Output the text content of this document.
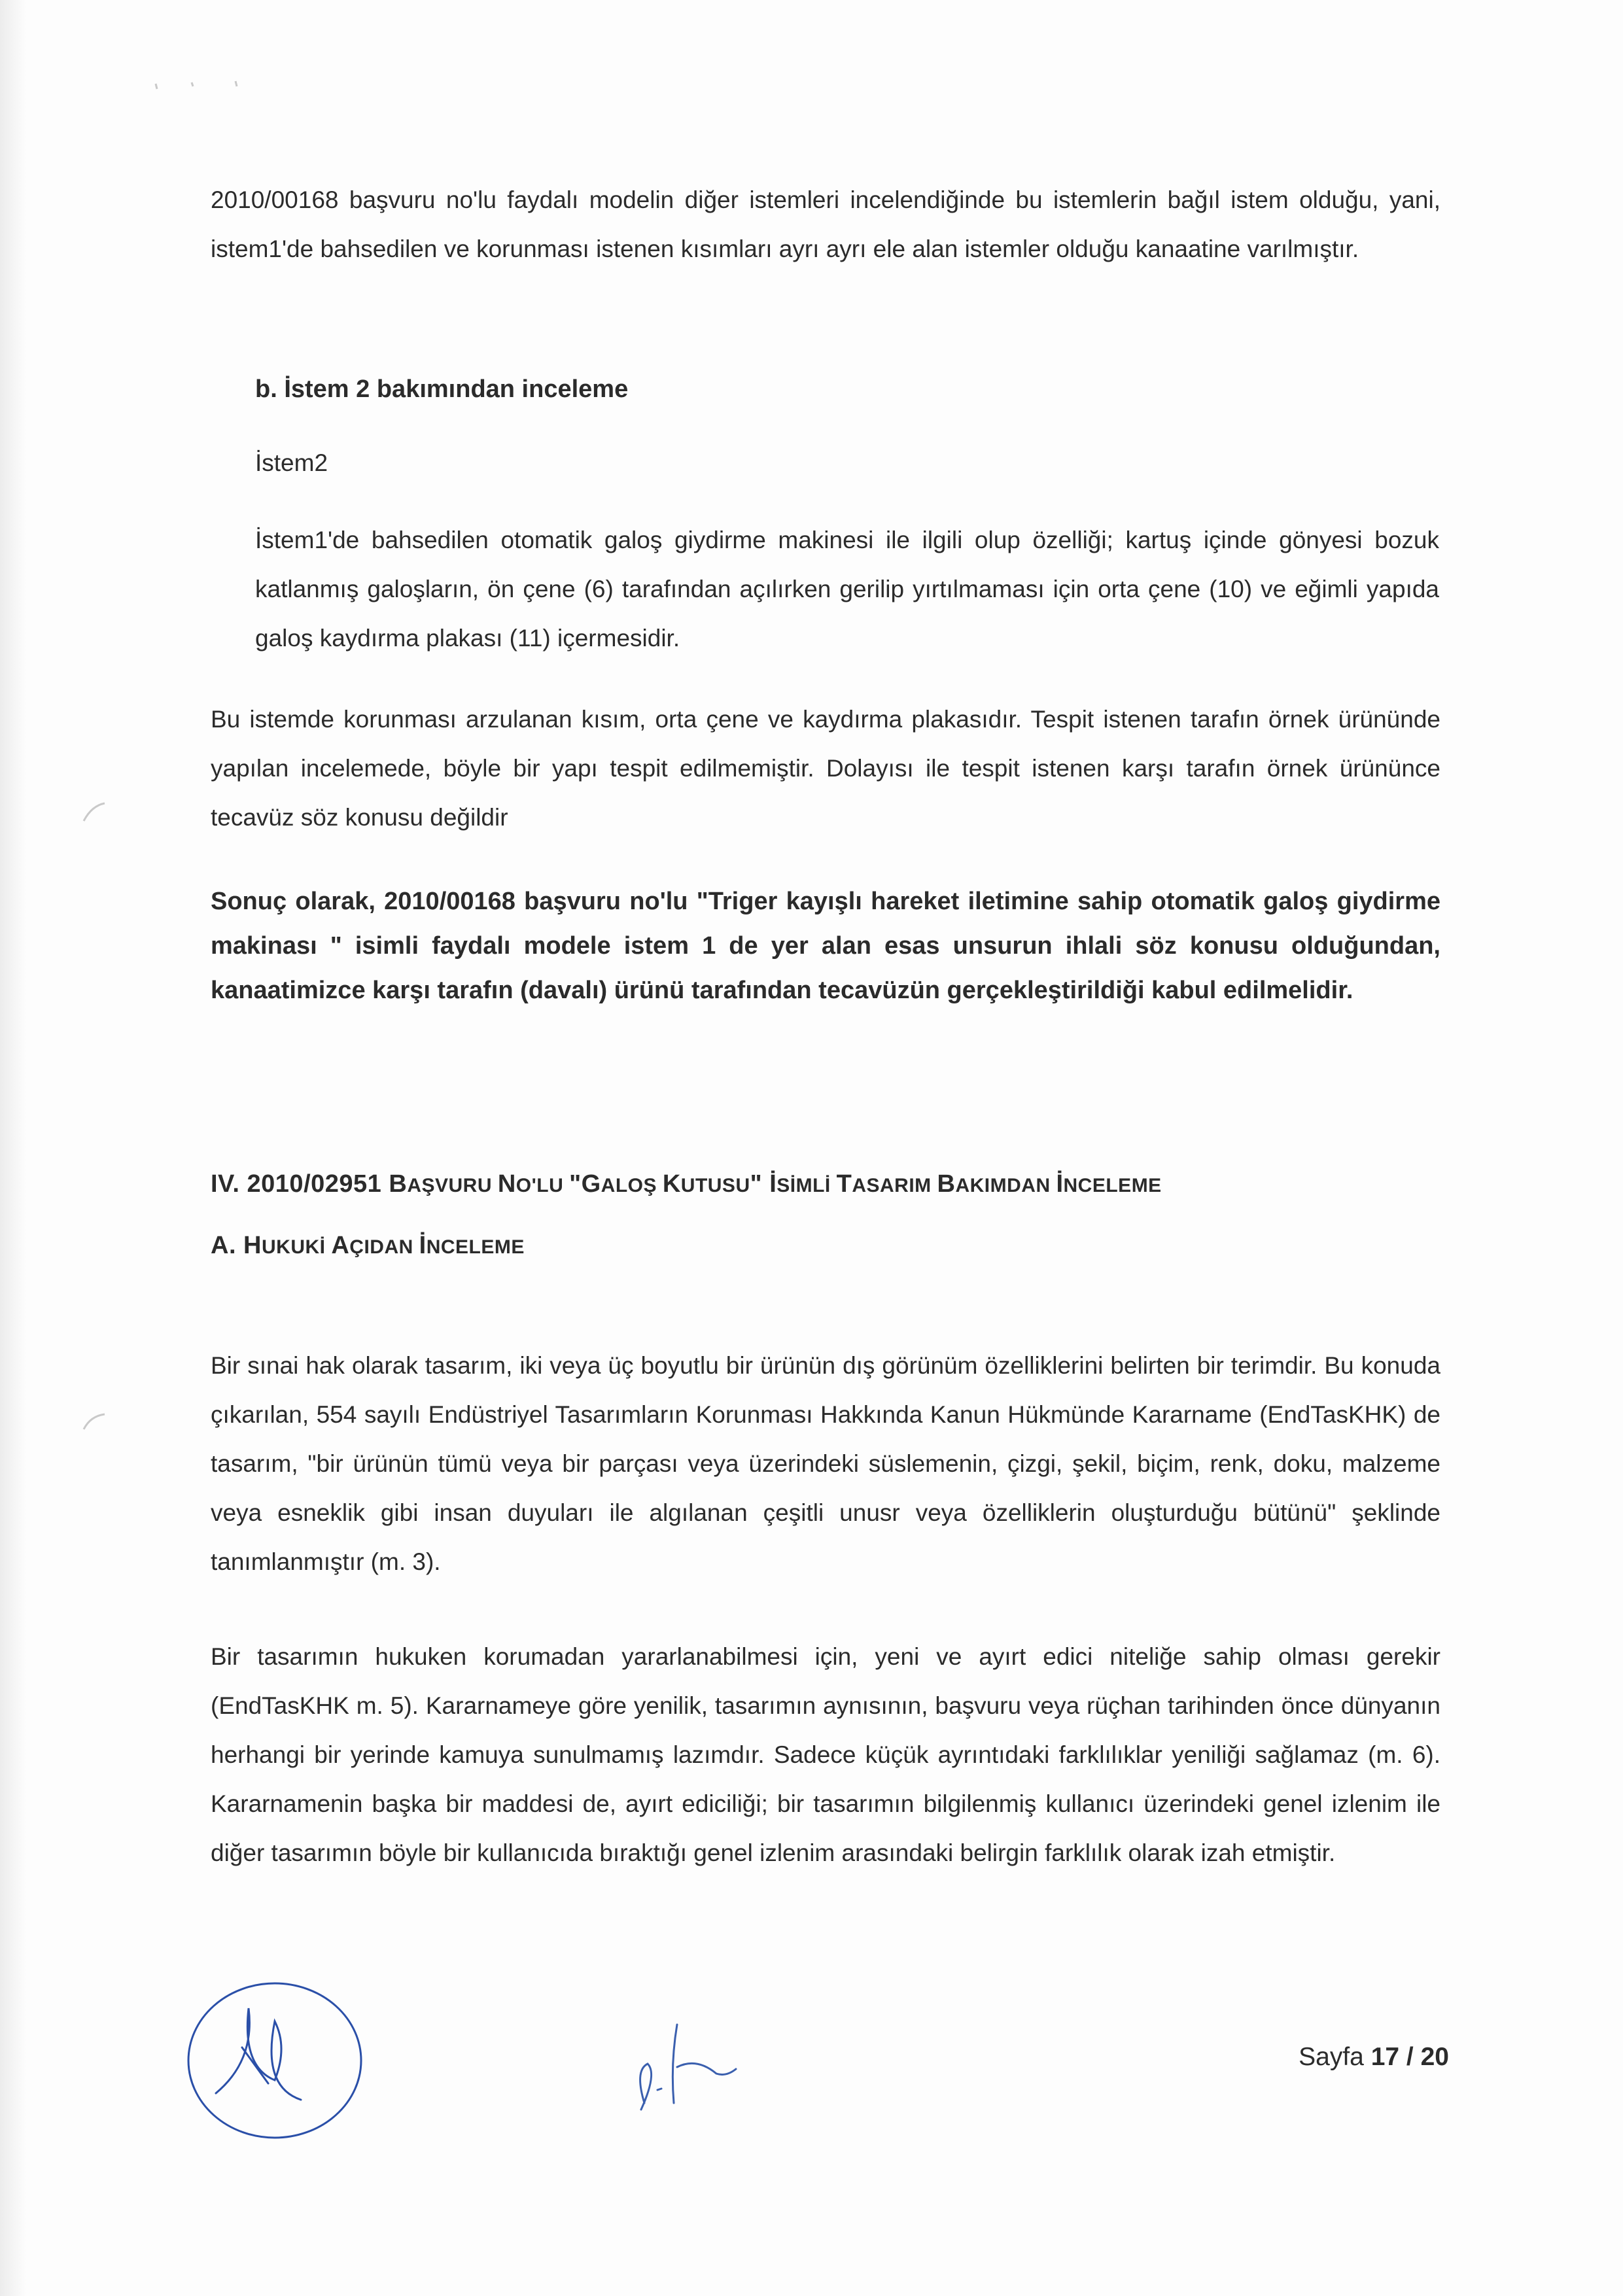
2010/00168 başvuru no'lu faydalı modelin diğer istemleri incelendiğinde bu istemlerin bağıl istem olduğu, yani, istem1'de bahsedilen ve korunması istenen kısımları ayrı ayrı ele alan istemler olduğu kanaatine varılmıştır.

b. İstem 2 bakımından inceleme
İstem2

İstem1'de bahsedilen otomatik galoş giydirme makinesi ile ilgili olup özelliği; kartuş içinde gönyesi bozuk katlanmış galoşların, ön çene (6) tarafından açılırken gerilip yırtılmaması için orta çene (10) ve eğimli yapıda galoş kaydırma plakası (11) içermesidir.

Bu istemde korunması arzulanan kısım, orta çene ve kaydırma plakasıdır. Tespit istenen tarafın örnek ürününde yapılan incelemede, böyle bir yapı tespit edilmemiştir. Dolayısı ile tespit istenen karşı tarafın örnek ürününce tecavüz söz konusu değildir

Sonuç olarak, 2010/00168 başvuru no'lu "Triger kayışlı hareket iletimine sahip otomatik galoş giydirme makinası " isimli faydalı modele istem 1 de yer alan esas unsurun ihlali söz konusu olduğundan, kanaatimizce karşı tarafın (davalı) ürünü tarafından tecavüzün gerçekleştirildiği kabul edilmelidir.

IV. 2010/02951 BAŞVURU NO'LU "GALOŞ KUTUSU" İSİMLİ TASARIM BAKIMDAN İNCELEME
A. HUKUKİ AÇIDAN İNCELEME

Bir sınai hak olarak tasarım, iki veya üç boyutlu bir ürünün dış görünüm özelliklerini belirten bir terimdir. Bu konuda çıkarılan, 554 sayılı Endüstriyel Tasarımların Korunması Hakkında Kanun Hükmünde Kararname (EndTasKHK) de tasarım, "bir ürünün tümü veya bir parçası veya üzerindeki süslemenin, çizgi, şekil, biçim, renk, doku, malzeme veya esneklik gibi insan duyuları ile algılanan çeşitli unusr veya özelliklerin oluşturduğu bütünü" şeklinde tanımlanmıştır (m. 3).

Bir tasarımın hukuken korumadan yararlanabilmesi için, yeni ve ayırt edici niteliğe sahip olması gerekir (EndTasKHK m. 5). Kararnameye göre yenilik, tasarımın aynısının, başvuru veya rüçhan tarihinden önce dünyanın herhangi bir yerinde kamuya sunulmamış lazımdır. Sadece küçük ayrıntıdaki farklılıklar yeniliği sağlamaz (m. 6). Kararnamenin başka bir maddesi de, ayırt ediciliği; bir tasarımın bilgilenmiş kullanıcı üzerindeki genel izlenim ile diğer tasarımın böyle bir kullanıcıda bıraktığı genel izlenim arasındaki belirgin farklılık olarak izah etmiştir.

Sayfa 17 / 20
